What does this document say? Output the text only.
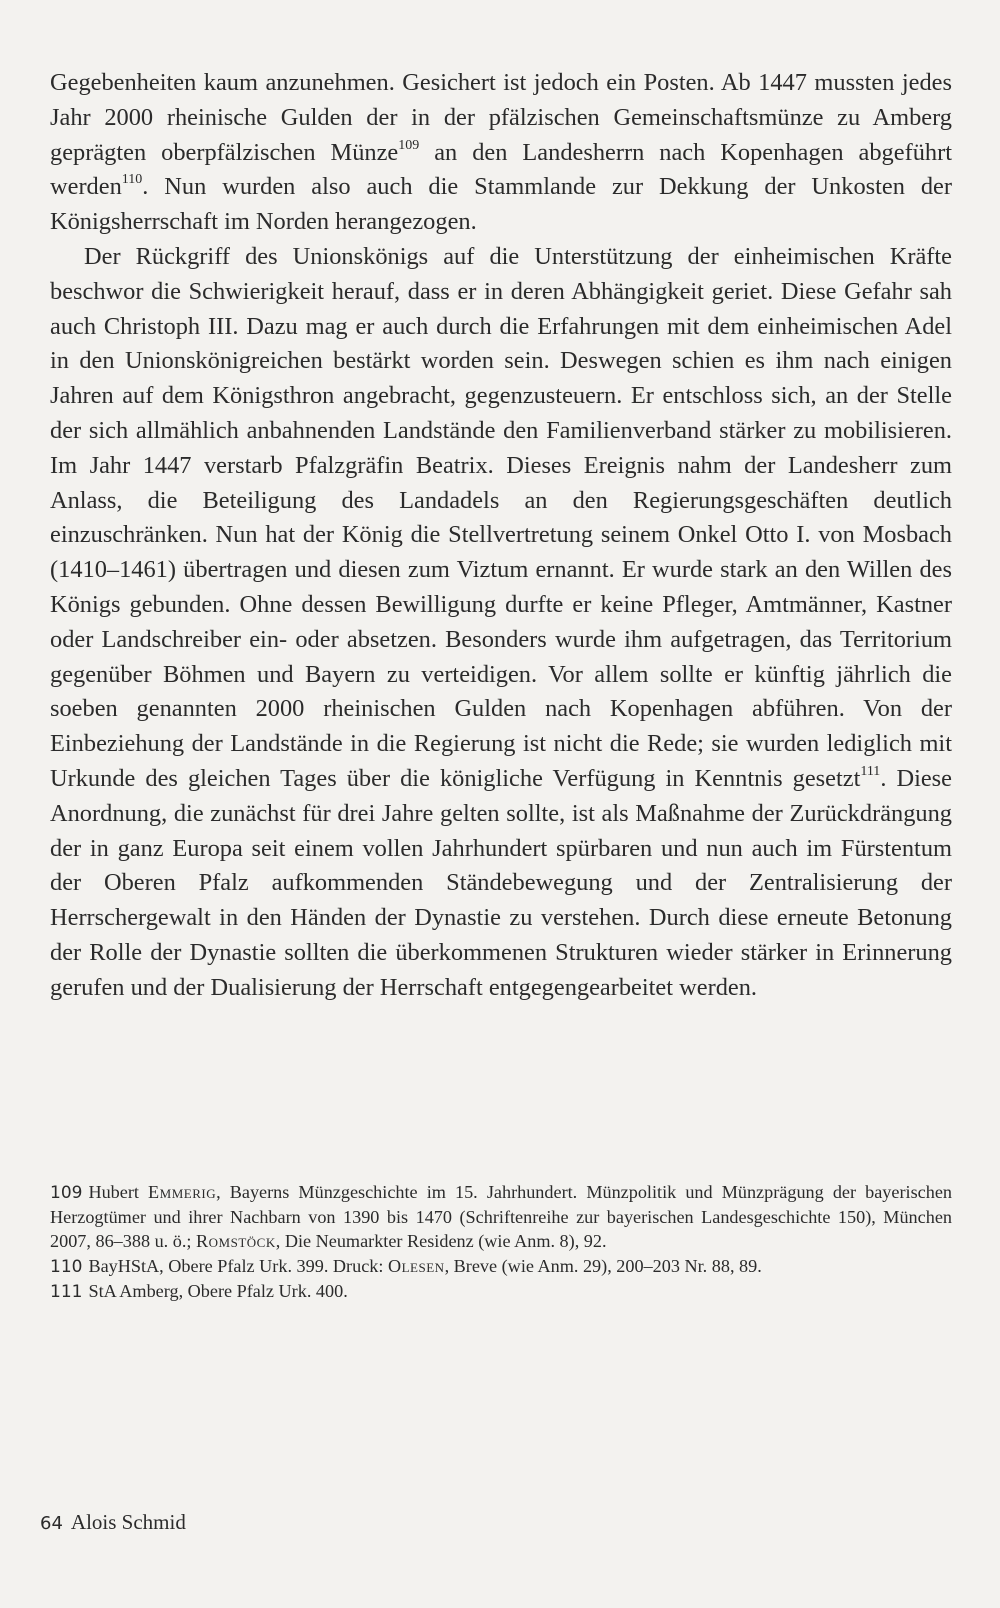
Gegebenheiten kaum anzunehmen. Gesichert ist jedoch ein Posten. Ab 1447 mussten jedes Jahr 2000 rheinische Gulden der in der pfälzischen Gemeinschaftsmünze zu Amberg geprägten oberpfälzischen Münze$^{109}$ an den Landesherrn nach Kopenhagen abgeführt werden$^{110}$. Nun wurden also auch die Stammlande zur Dekkung der Unkosten der Königsherrschaft im Norden herangezogen.

Der Rückgriff des Unionskönigs auf die Unterstützung der einheimischen Kräfte beschwor die Schwierigkeit herauf, dass er in deren Abhängigkeit geriet. Diese Gefahr sah auch Christoph III. Dazu mag er auch durch die Erfahrungen mit dem einheimischen Adel in den Unionskönigreichen bestärkt worden sein. Deswegen schien es ihm nach einigen Jahren auf dem Königsthron angebracht, gegenzusteuern. Er entschloss sich, an der Stelle der sich allmählich anbahnenden Landstände den Familienverband stärker zu mobilisieren. Im Jahr 1447 verstarb Pfalzgräfin Beatrix. Dieses Ereignis nahm der Landesherr zum Anlass, die Beteiligung des Landadels an den Regierungsgeschäften deutlich einzuschränken. Nun hat der König die Stellvertretung seinem Onkel Otto I. von Mosbach (1410–1461) übertragen und diesen zum Viztum ernannt. Er wurde stark an den Willen des Königs gebunden. Ohne dessen Bewilligung durfte er keine Pfleger, Amtmänner, Kastner oder Landschreiber ein- oder absetzen. Besonders wurde ihm aufgetragen, das Territorium gegenüber Böhmen und Bayern zu verteidigen. Vor allem sollte er künftig jährlich die soeben genannten 2000 rheinischen Gulden nach Kopenhagen abführen. Von der Einbeziehung der Landstände in die Regierung ist nicht die Rede; sie wurden lediglich mit Urkunde des gleichen Tages über die königliche Verfügung in Kenntnis gesetzt$^{111}$. Diese Anordnung, die zunächst für drei Jahre gelten sollte, ist als Maßnahme der Zurückdrängung der in ganz Europa seit einem vollen Jahrhundert spürbaren und nun auch im Fürstentum der Oberen Pfalz aufkommenden Ständebewegung und der Zentralisierung der Herrschergewalt in den Händen der Dynastie zu verstehen. Durch diese erneute Betonung der Rolle der Dynastie sollten die überkommenen Strukturen wieder stärker in Erinnerung gerufen und der Dualisierung der Herrschaft entgegengearbeitet werden.

109 Hubert Emmerig, Bayerns Münzgeschichte im 15. Jahrhundert. Münzpolitik und Münzprägung der bayerischen Herzogtümer und ihrer Nachbarn von 1390 bis 1470 (Schriftenreihe zur bayerischen Landesgeschichte 150), München 2007, 86–388 u. ö.; Romstöck, Die Neumarkter Residenz (wie Anm. 8), 92.

110 BayHStA, Obere Pfalz Urk. 399. Druck: Olesen, Breve (wie Anm. 29), 200–203 Nr. 88, 89.

111 StA Amberg, Obere Pfalz Urk. 400.

64 Alois Schmid
